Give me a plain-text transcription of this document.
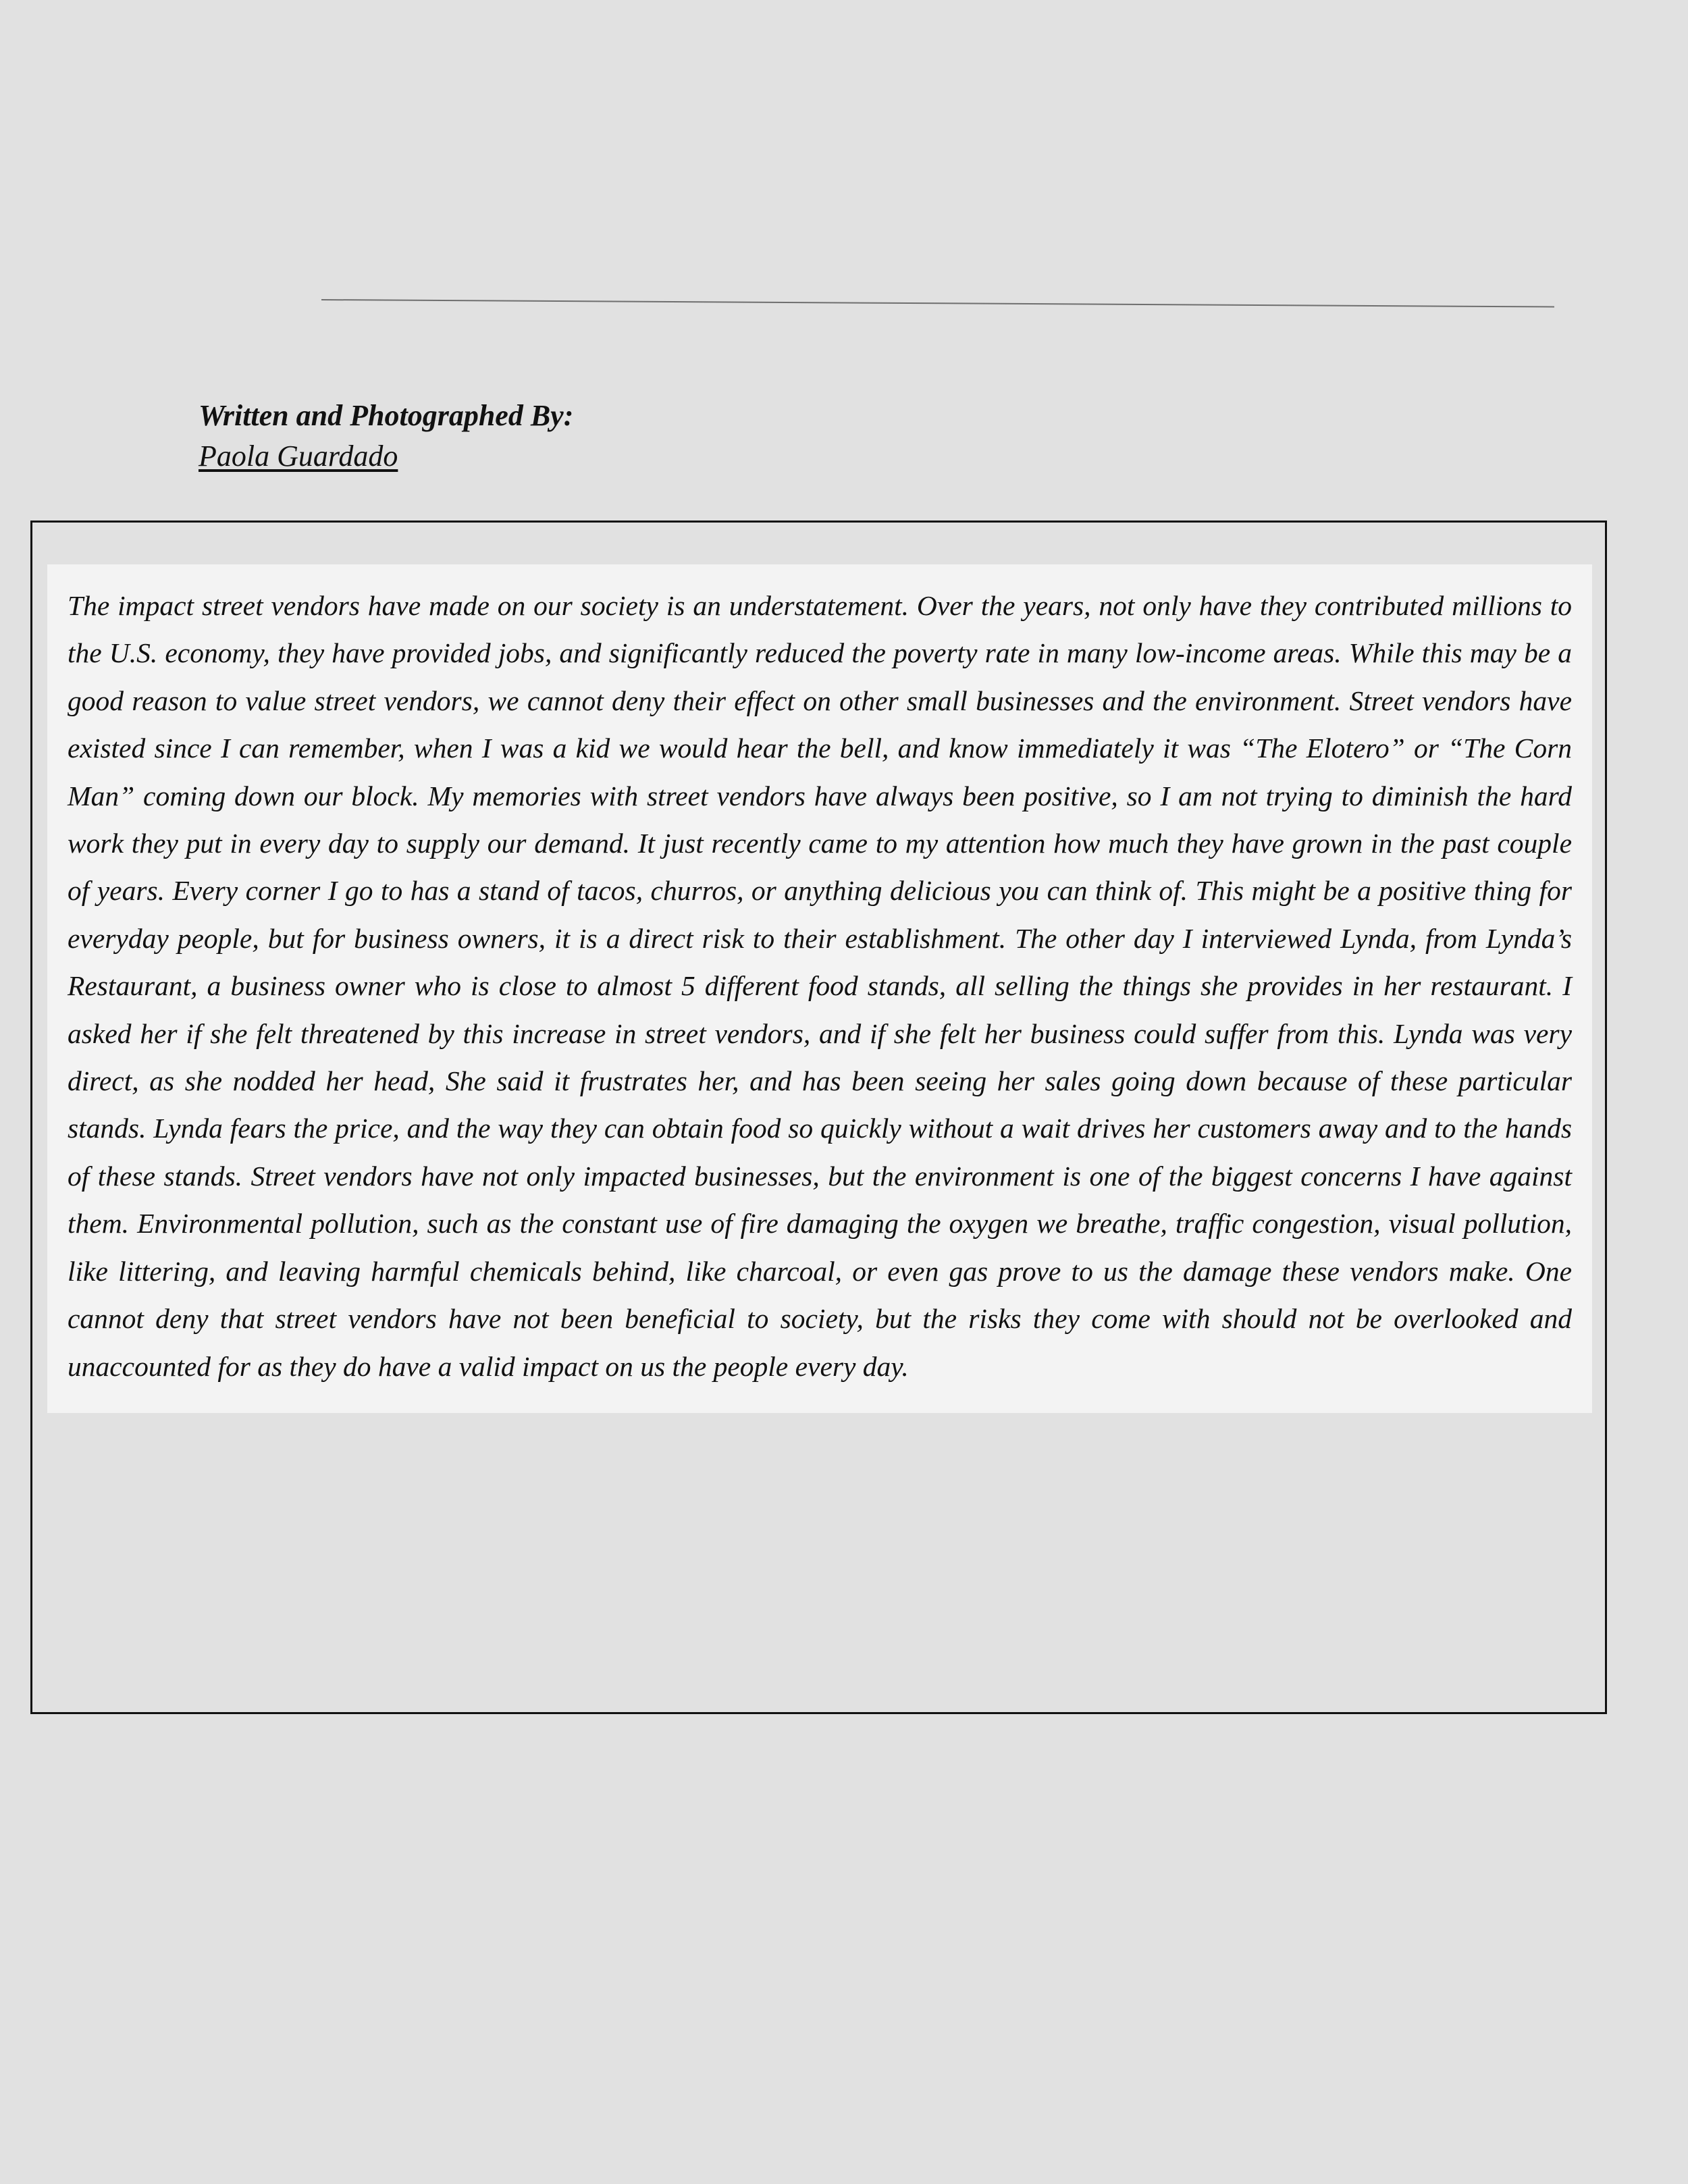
Written and Photographed By:
Paola Guardado

The impact street vendors have made on our society is an understatement. Over the years, not only have they contributed millions to the U.S. economy, they have provided jobs, and significantly reduced the poverty rate in many low-income areas. While this may be a good reason to value street vendors, we cannot deny their effect on other small businesses and the environment. Street vendors have existed since I can remember, when I was a kid we would hear the bell, and know immediately it was “The Elotero” or “The Corn Man” coming down our block. My memories with street vendors have always been positive, so I am not trying to diminish the hard work they put in every day to supply our demand. It just recently came to my attention how much they have grown in the past couple of years. Every corner I go to has a stand of tacos, churros, or anything delicious you can think of. This might be a positive thing for everyday people, but for business owners, it is a direct risk to their establishment. The other day I interviewed Lynda, from Lynda’s Restaurant, a business owner who is close to almost 5 different food stands, all selling the things she provides in her restaurant. I asked her if she felt threatened by this increase in street vendors, and if she felt her business could suffer from this. Lynda was very direct, as she nodded her head, She said it frustrates her, and has been seeing her sales going down because of these particular stands. Lynda fears the price, and the way they can obtain food so quickly without a wait drives her customers away and to the hands of these stands. Street vendors have not only impacted businesses, but the environment is one of the biggest concerns I have against them. Environmental pollution, such as the constant use of fire damaging the oxygen we breathe, traffic congestion, visual pollution, like littering, and leaving harmful chemicals behind, like charcoal, or even gas prove to us the damage these vendors make. One cannot deny that street vendors have not been beneficial to society, but the risks they come with should not be overlooked and unaccounted for as they do have a valid impact on us the people every day.
